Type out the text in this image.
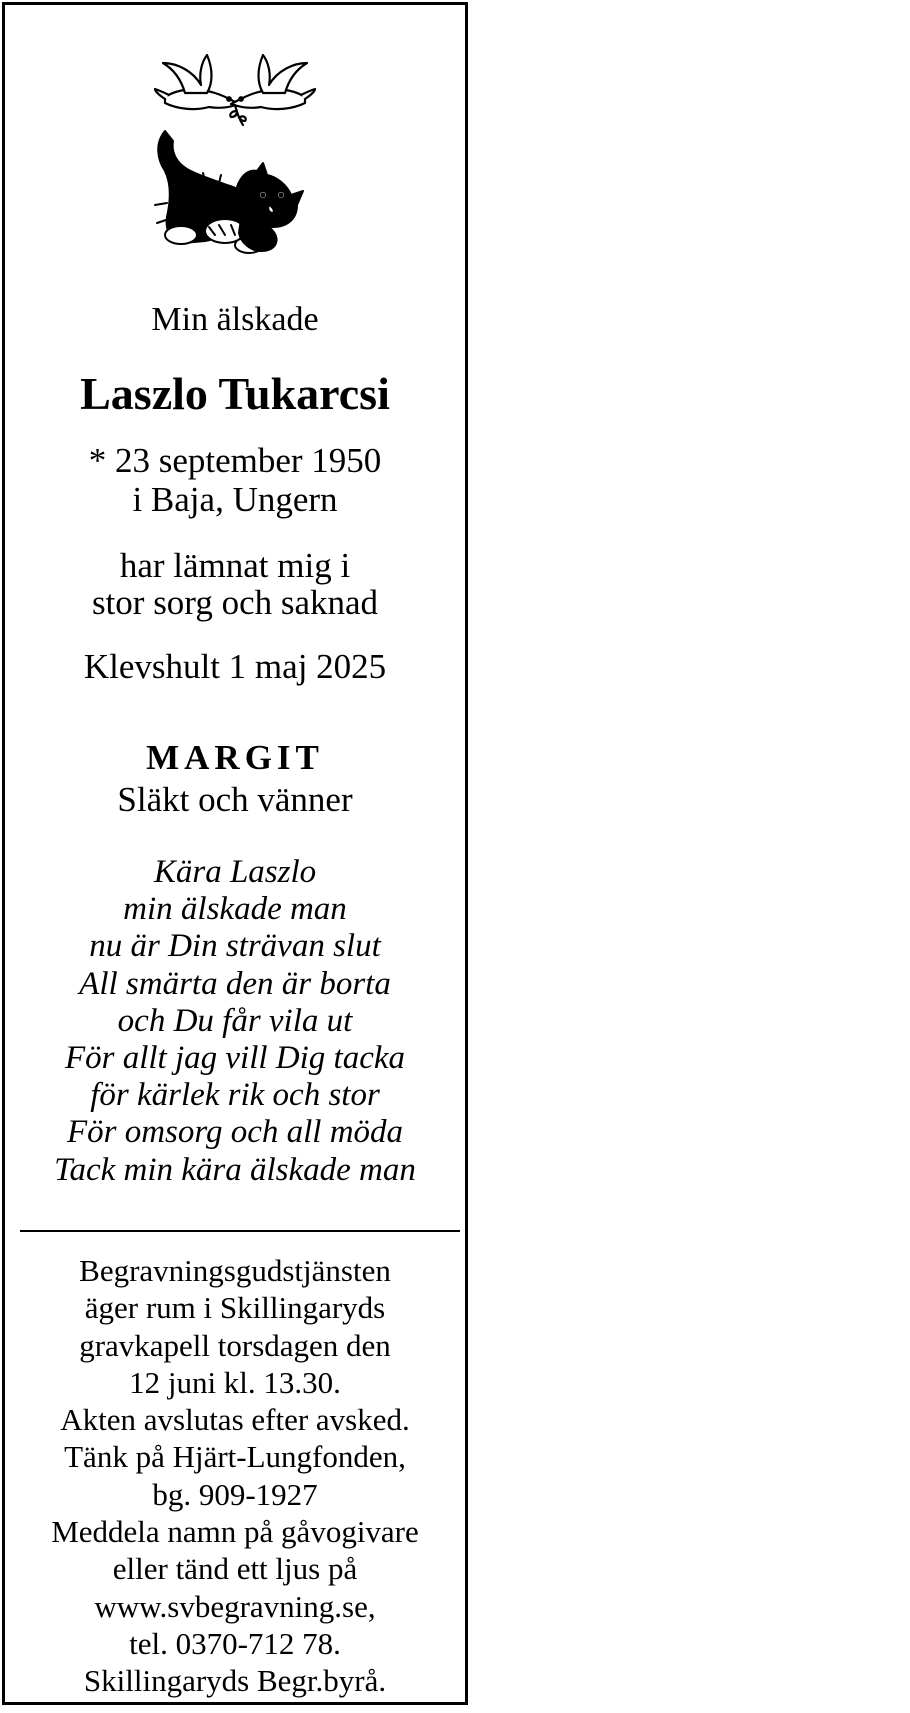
Min älskade
Laszlo Tukarcsi
* 23 september 1950
i Baja, Ungern
har lämnat mig i
stor sorg och saknad
Klevshult 1 maj 2025
MARGIT
Släkt och vänner
Kära Laszlo
min älskade man
nu är Din strävan slut
All smärta den är borta
och Du får vila ut
För allt jag vill Dig tacka
för kärlek rik och stor
För omsorg och all möda
Tack min kära älskade man
Begravningsgudstjänsten
äger rum i Skillingaryds
gravkapell torsdagen den
12 juni kl. 13.30.
Akten avslutas efter avsked.
Tänk på Hjärt-Lungfonden,
bg. 909-1927
Meddela namn på gåvogivare
eller tänd ett ljus på
www.svbegravning.se,
tel. 0370-712 78.
Skillingaryds Begr.byrå.
